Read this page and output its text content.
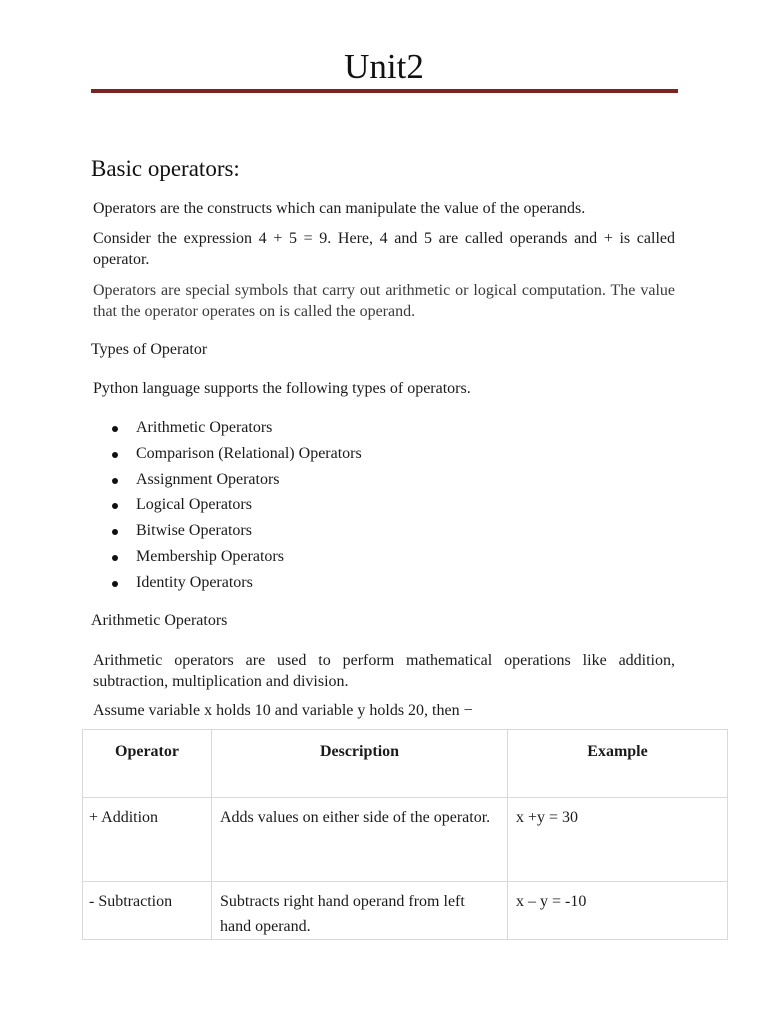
Unit2
Basic operators:
Operators are the constructs which can manipulate the value of the operands.
Consider the expression 4 + 5 = 9. Here, 4 and 5 are called operands and + is called operator.
Operators are special symbols that carry out arithmetic or logical computation. The value that the operator operates on is called the operand.
Types of Operator
Python language supports the following types of operators.
Arithmetic Operators
Comparison (Relational) Operators
Assignment Operators
Logical Operators
Bitwise Operators
Membership Operators
Identity Operators
Arithmetic Operators
Arithmetic operators are used to perform mathematical operations like addition, subtraction, multiplication and division.
Assume variable x holds 10 and variable y holds 20, then −
Operator	Description	Example
+ Addition	Adds values on either side of the operator.	x +y = 30
- Subtraction	Subtracts right hand operand from left hand operand.	x – y = -10
